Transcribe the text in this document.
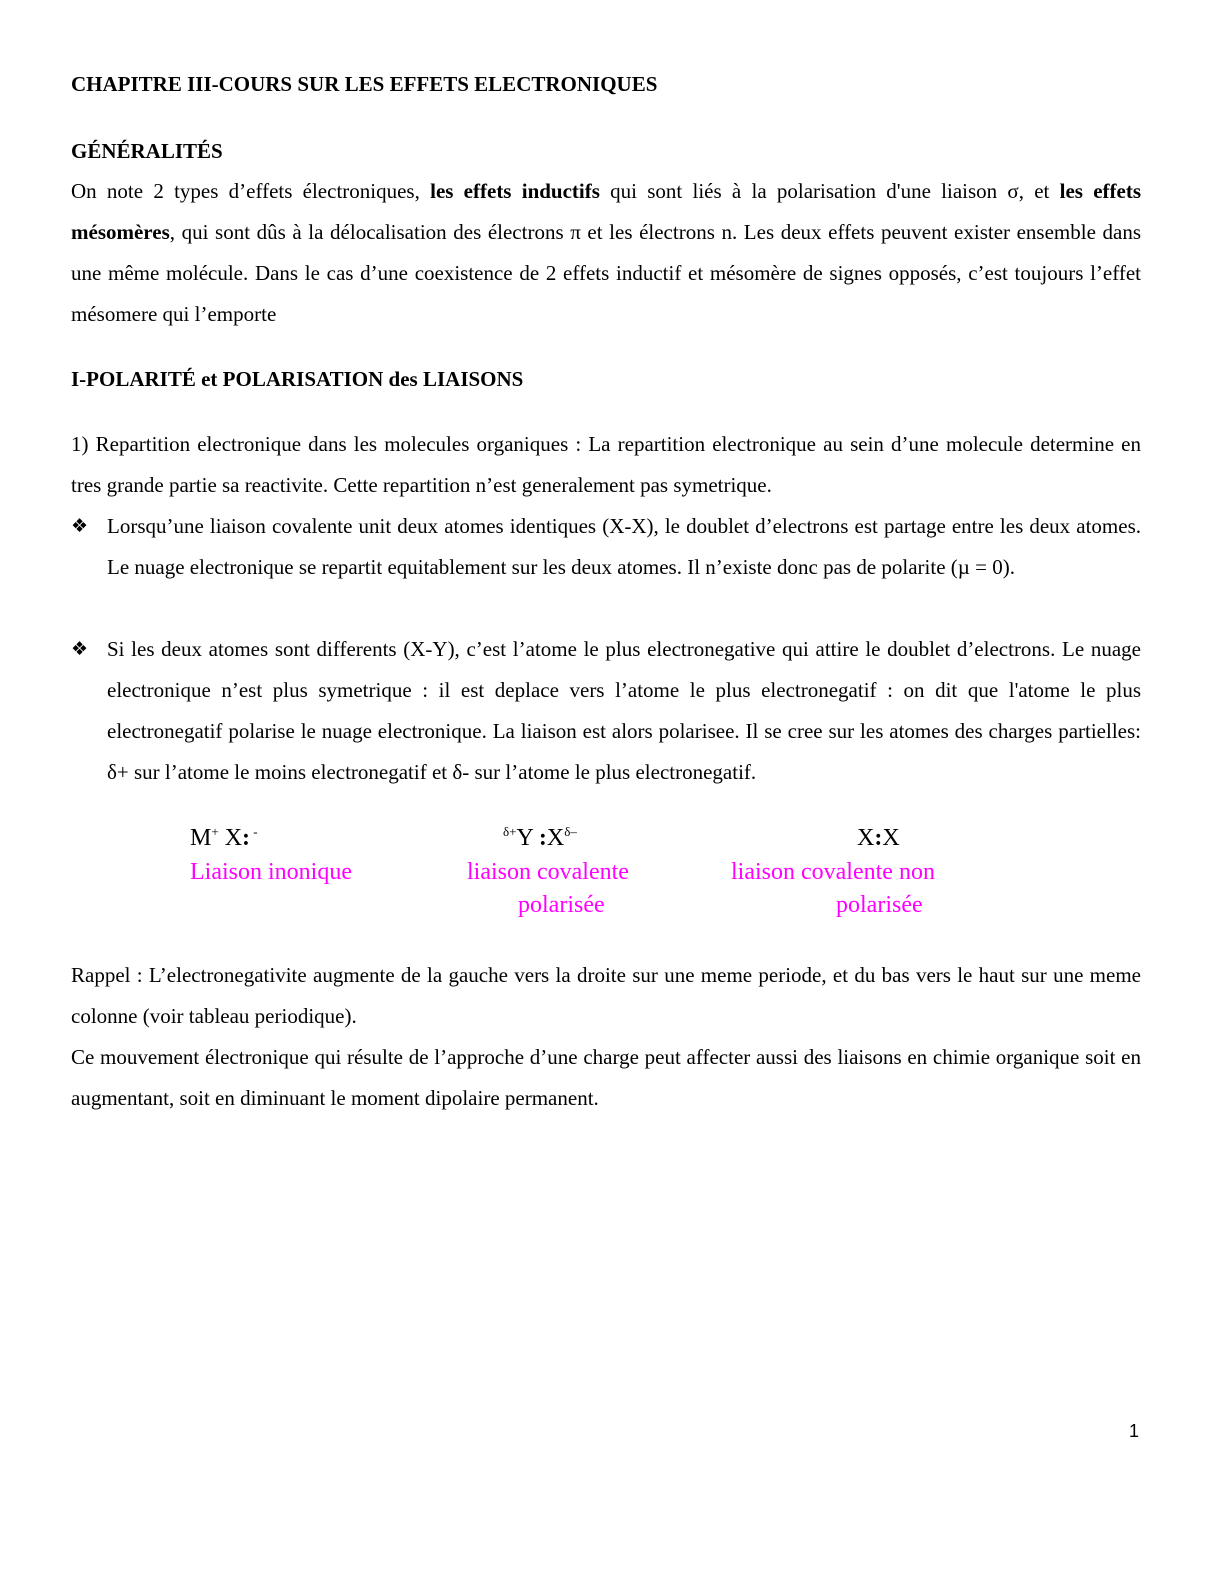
CHAPITRE III-COURS SUR LES EFFETS ELECTRONIQUES
GÉNÉRALITÉS
On note 2 types d’effets électroniques, les effets inductifs qui sont liés à la polarisation d'une liaison σ, et les effets mésomères, qui sont dûs à la délocalisation des électrons π et les électrons n. Les deux effets peuvent exister ensemble dans une même molécule. Dans le cas d’une coexistence de 2 effets inductif et mésomère de signes opposés, c’est toujours l’effet mésomere qui l’emporte
I-POLARITÉ et POLARISATION des LIAISONS
1) Repartition electronique dans les molecules organiques : La repartition electronique au sein d’une molecule determine en tres grande partie sa reactivite. Cette repartition n’est generalement pas symetrique.
❖ Lorsqu’une liaison covalente unit deux atomes identiques (X-X), le doublet d’electrons est partage entre les deux atomes. Le nuage electronique se repartit equitablement sur les deux atomes. Il n’existe donc pas de polarite (µ = 0).
❖ Si les deux atomes sont differents (X-Y), c’est l’atome le plus electronegative qui attire le doublet d’electrons. Le nuage electronique n’est plus symetrique : il est deplace vers l’atome le plus electronegatif : on dit que l'atome le plus electronegatif polarise le nuage electronique. La liaison est alors polarisee. Il se cree sur les atomes des charges partielles: δ+ sur l’atome le moins electronegatif et δ- sur l’atome le plus electronegatif.
Rappel : L’electronegativite augmente de la gauche vers la droite sur une meme periode, et du bas vers le haut sur une meme colonne (voir tableau periodique).
Ce mouvement électronique qui résulte de l’approche d’une charge peut affecter aussi des liaisons en chimie organique soit en augmentant, soit en diminuant le moment dipolaire permanent.
M+ X: -
Liaison inonique
$^{\delta+}$Y $:X^{\delta-}$
liaison covalente
polarisée
X:X
liaison covalente non
polarisée
1
